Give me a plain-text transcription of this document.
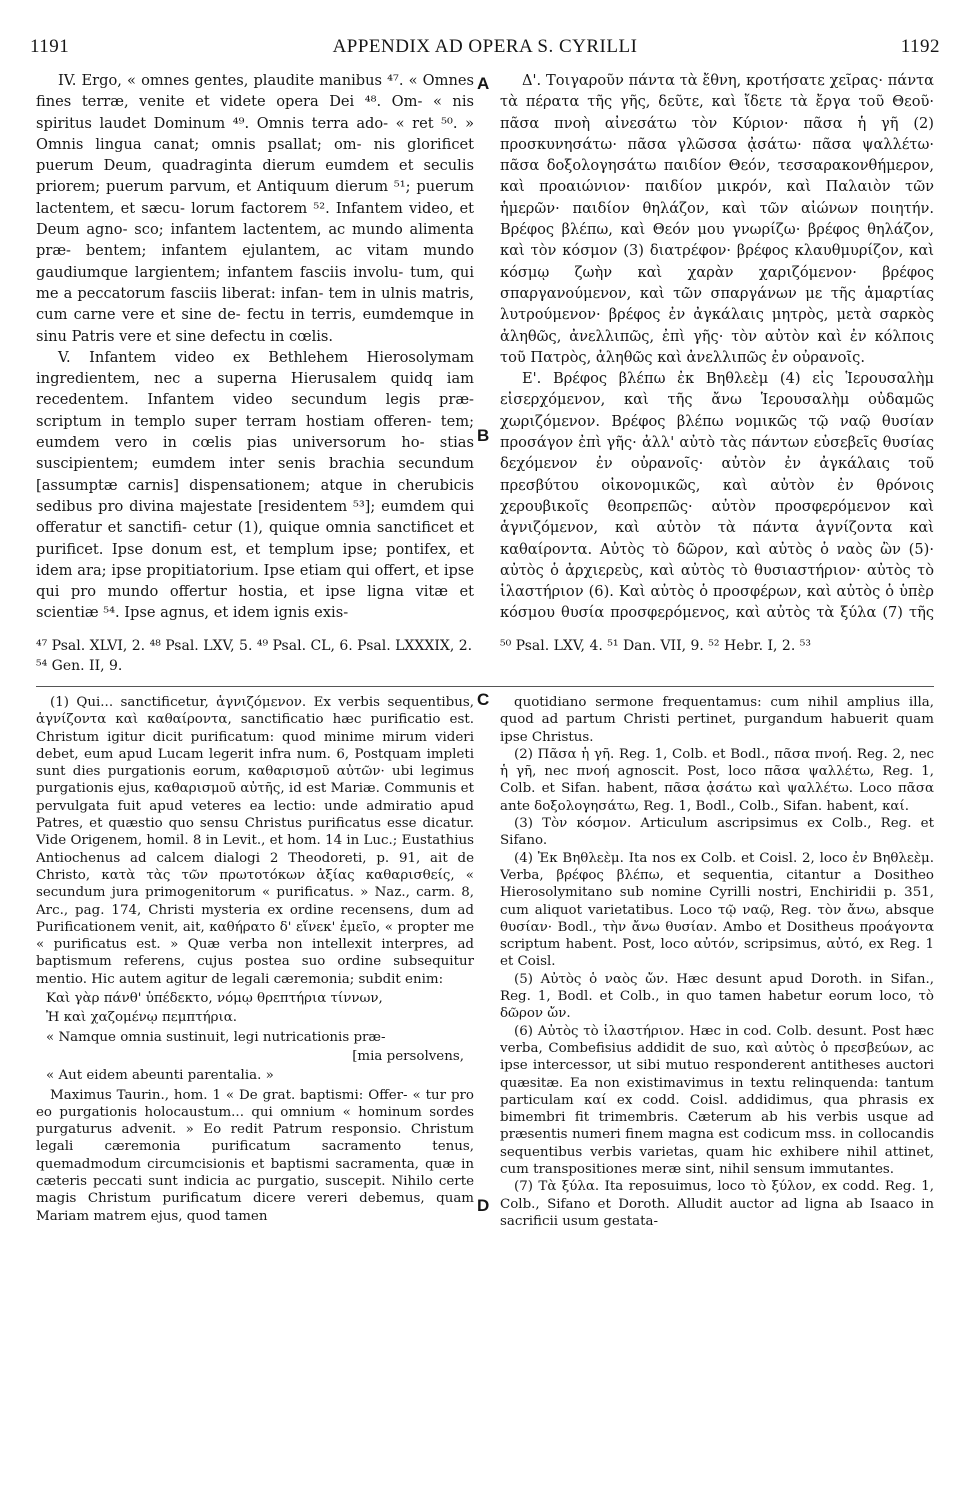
1191	APPENDIX AD OPERA S. CYRILLI	1192

IV. Ergo, « omnes gentes, plaudite manibus ⁴⁷. « Omnes fines terræ, venite et videte opera Dei ⁴⁸. Om- « nis spiritus laudet Dominum ⁴⁹. Omnis terra ado- « ret ⁵⁰. » Omnis lingua canat; omnis psallat; om- nis glorificet puerum Deum, quadraginta dierum eumdem et seculis priorem; puerum parvum, et Antiquum dierum ⁵¹; puerum lactentem, et sæcu- lorum factorem ⁵². Infantem video, et Deum agno- sco; infantem lactentem, ac mundo alimenta præ- bentem; infantem ejulantem, ac vitam mundo gaudiumque largientem; infantem fasciis involu- tum, qui me a peccatorum fasciis liberat: infan- tem in ulnis matris, cum carne vere et sine de- fectu in terris, eumdemque in sinu Patris vere et sine defectu in cœlis.

V. Infantem video ex Bethlehem Hierosolymam ingredientem, nec a superna Hierusalem quidq iam recedentem. Infantem video secundum legis præ- scriptum in templo super terram hostiam offeren- tem; eumdem vero in cœlis pias universorum ho- stias suscipientem; eumdem inter senis brachia secundum [assumptæ carnis] dispensationem; atque in cherubicis sedibus pro divina majestate [residentem ⁵³]; eumdem qui offeratur et sanctifi- cetur (1), quique omnia sanctificet et purificet. Ipse donum est, et templum ipse; pontifex, et idem ara; ipse propitiatorium. Ipse etiam qui offert, et ipse qui pro mundo offertur hostia, et ipse ligna vitæ et scientiæ ⁵⁴. Ipse agnus, et idem ignis exis-

Δ'. Τοιγαροῦν πάντα τὰ ἔθνη, κροτήσατε χεῖρας· πάντα τὰ πέρατα τῆς γῆς, δεῦτε, καὶ ἴδετε τὰ ἔργα τοῦ Θεοῦ· πᾶσα πνοὴ αἰνεσάτω τὸν Κύριον· πᾶσα ἡ γῆ (2) προσκυνησάτω· πᾶσα γλῶσσα ᾀσάτω· πᾶσα ψαλλέτω· πᾶσα δοξολογησάτω παιδίον Θεόν, τεσσαρακονθήμερον, καὶ προαιώνιον· παιδίον μικρόν, καὶ Παλαιὸν τῶν ἡμερῶν· παιδίον θηλάζον, καὶ τῶν αἰώνων ποιητήν. Βρέφος βλέπω, καὶ Θεόν μου γνωρίζω· βρέφος θηλάζον, καὶ τὸν κόσμον (3) διατρέφον· βρέφος κλαυθμυρίζον, καὶ κόσμῳ ζωὴν καὶ χαρὰν χαριζόμενον· βρέφος σπαργανούμενον, καὶ τῶν σπαργάνων με τῆς ἁμαρτίας λυτρούμενον· βρέφος ἐν ἀγκάλαις μητρὸς, μετὰ σαρκὸς ἀληθῶς, ἀνελλιπῶς, ἐπὶ γῆς· τὸν αὐτὸν καὶ ἐν κόλποις τοῦ Πατρὸς, ἀληθῶς καὶ ἀνελλιπῶς ἐν οὐρανοῖς.

Ε'. Βρέφος βλέπω ἐκ Βηθλεὲμ (4) εἰς Ἱερουσαλὴμ εἰσερχόμενον, καὶ τῆς ἄνω Ἱερουσαλὴμ οὐδαμῶς χωριζόμενον. Βρέφος βλέπω νομικῶς τῷ ναῷ θυσίαν προσάγον ἐπὶ γῆς· ἀλλ' αὐτὸ τὰς πάντων εὐσεβεῖς θυσίας δεχόμενον ἐν οὐρανοῖς· αὐτὸν ἐν ἀγκάλαις τοῦ πρεσβύτου οἰκονομικῶς, καὶ αὐτὸν ἐν θρόνοις χερουβικοῖς θεοπρεπῶς· αὐτὸν προσφερόμενον καὶ ἁγνιζόμενον, καὶ αὐτὸν τὰ πάντα ἁγνίζοντα καὶ καθαίροντα. Αὐτὸς τὸ δῶρον, καὶ αὐτὸς ὁ ναὸς ὢν (5)· αὐτὸς ὁ ἀρχιερεὺς, καὶ αὐτὸς τὸ θυσιαστήριον· αὐτὸς τὸ ἱλαστήριον (6). Καὶ αὐτὸς ὁ προσφέρων, καὶ αὐτὸς ὁ ὑπὲρ κόσμου θυσία προσφερόμενος, καὶ αὐτὸς τὰ ξύλα (7) τῆς

⁴⁷ Psal. XLVI, 2. ⁴⁸ Psal. LXV, 5. ⁴⁹ Psal. CL, 6. Psal. LXXXIX, 2. ⁵⁴ Gen. II, 9.

⁵⁰ Psal. LXV, 4. ⁵¹ Dan. VII, 9. ⁵² Hebr. I, 2. ⁵³

(1) Qui... sanctificetur, ἁγνιζόμενον. Ex verbis sequentibus, ἁγνίζοντα καὶ καθαίροντα, sanctificatio hæc purificatio est. Christum igitur dicit purificatum: quod minime mirum videri debet, eum apud Lucam legerit infra num. 6, Postquam impleti sunt dies purgationis eorum, καθαρισμοῦ αὐτῶν· ubi legimus purgationis ejus, καθαρισμοῦ αὐτῆς, id est Mariæ. Communis et pervulgata fuit apud veteres ea lectio: unde admiratio apud Patres, et quæstio quo sensu Christus purificatus esse dicatur. Vide Origenem, homil. 8 in Levit., et hom. 14 in Luc.; Eustathius Antiochenus ad calcem dialogi 2 Theodoreti, p. 91, ait de Christo, κατὰ τὰς τῶν πρωτοτόκων ἀξίας καθαρισθείς, « secundum jura primogenitorum « purificatus. » Naz., carm. 8, Arc., pag. 174, Christi mysteria ex ordine recensens, dum ad Purificationem venit, ait, καθήρατο δ' εἵνεκ' ἐμεῖο, « propter me « purificatus est. » Quæ verba non intellexit interpres, ad baptismum referens, cujus postea suo ordine subsequitur mentio. Hic autem agitur de legali cæremonia; subdit enim:

Καὶ γὰρ πάνθ' ὑπέδεκτο, νόμῳ θρεπτήρια τίννων,

Ἠ καὶ χαζομένῳ πεμπτήρια.

« Namque omnia sustinuit, legi nutricationis præ-

[mia persolvens,

« Aut eidem abeunti parentalia. »

Maximus Taurin., hom. 1 « De grat. baptismi: Offer- « tur pro eo purgationis holocaustum... qui omnium « hominum sordes purgaturus advenit. » Eo redit Patrum responsio. Christum legali cæremonia purificatum sacramento tenus, quemadmodum circumcisionis et baptismi sacramenta, quæ in cæteris peccati sunt indicia ac purgatio, suscepit. Nihilo certe magis Christum purificatum dicere vereri debemus, quam Mariam matrem ejus, quod tamen

quotidiano sermone frequentamus: cum nihil amplius illa, quod ad partum Christi pertinet, purgandum habuerit quam ipse Christus.

(2) Πᾶσα ἡ γῆ. Reg. 1, Colb. et Bodl., πᾶσα πνοή. Reg. 2, nec ἡ γῆ, nec πνοή agnoscit. Post, loco πᾶσα ψαλλέτω, Reg. 1, Colb. et Sifan. habent, πᾶσα ᾀσάτω καὶ ψαλλέτω. Loco πᾶσα ante δοξολογησάτω, Reg. 1, Bodl., Colb., Sifan. habent, καί.

(3) Τὸν κόσμον. Articulum ascripsimus ex Colb., Reg. et Sifano.

(4) Ἐκ Βηθλεὲμ. Ita nos ex Colb. et Coisl. 2, loco ἐν Βηθλεὲμ. Verba, βρέφος βλέπω, et sequentia, citantur a Dositheo Hierosolymitano sub nomine Cyrilli nostri, Enchiridii p. 351, cum aliquot varietatibus. Loco τῷ ναῷ, Reg. τὸν ἄνω, absque θυσίαν· Bodl., τὴν ἄνω θυσίαν. Ambo et Dositheus προάγοντα scriptum habent. Post, loco αὐτόν, scripsimus, αὐτό, ex Reg. 1 et Coisl.

(5) Αὐτὸς ὁ ναὸς ὤν. Hæc desunt apud Doroth. in Sifan., Reg. 1, Bodl. et Colb., in quo tamen habetur eorum loco, τὸ δῶρον ὤν.

(6) Αὐτὸς τὸ ἱλαστήριον. Hæc in cod. Colb. desunt. Post hæc verba, Combefisius addidit de suo, καὶ αὐτὸς ὁ πρεσβεύων, ac ipse intercessor, ut sibi mutuo responderent antitheses auctori quæsitæ. Ea non existimavimus in textu relinquenda: tantum particulam καί ex codd. Coisl. addidimus, qua phrasis ex bimembri fit trimembris. Cæterum ab his verbis usque ad præsentis numeri finem magna est codicum mss. in collocandis sequentibus verbis varietas, quam hic exhibere nihil attinet, cum transpositiones meræ sint, nihil sensum immutantes.

(7) Τὰ ξύλα. Ita reposuimus, loco τὸ ξύλον, ex codd. Reg. 1, Colb., Sifano et Doroth. Alludit auctor ad ligna ab Isaaco in sacrificii usum gestata-

A
B
C
D
